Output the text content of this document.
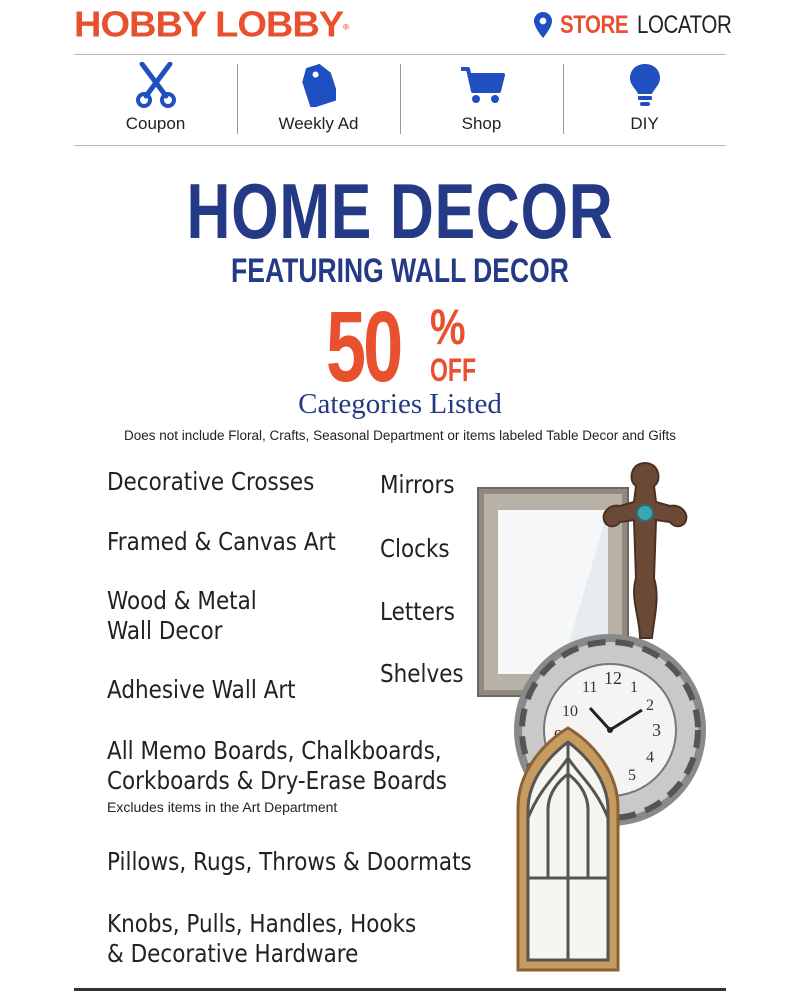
HOBBY LOBBY®	STORE LOCATOR
Coupon	Weekly Ad	Shop	DIY
HOME DECOR
FEATURING WALL DECOR
50 %
OFF
Categories Listed
Does not include Floral, Crafts, Seasonal Department or items labeled Table Decor and Gifts
Decorative Crosses
Framed & Canvas Art
Wood & Metal
Wall Decor
Adhesive Wall Art
All Memo Boards, Chalkboards,
Corkboards & Dry-Erase Boards
Excludes items in the Art Department
Pillows, Rugs, Throws & Doormats
Knobs, Pulls, Handles, Hooks
& Decorative Hardware
Mirrors
Clocks
Letters
Shelves	12 1
2
3
4
5
11
10
